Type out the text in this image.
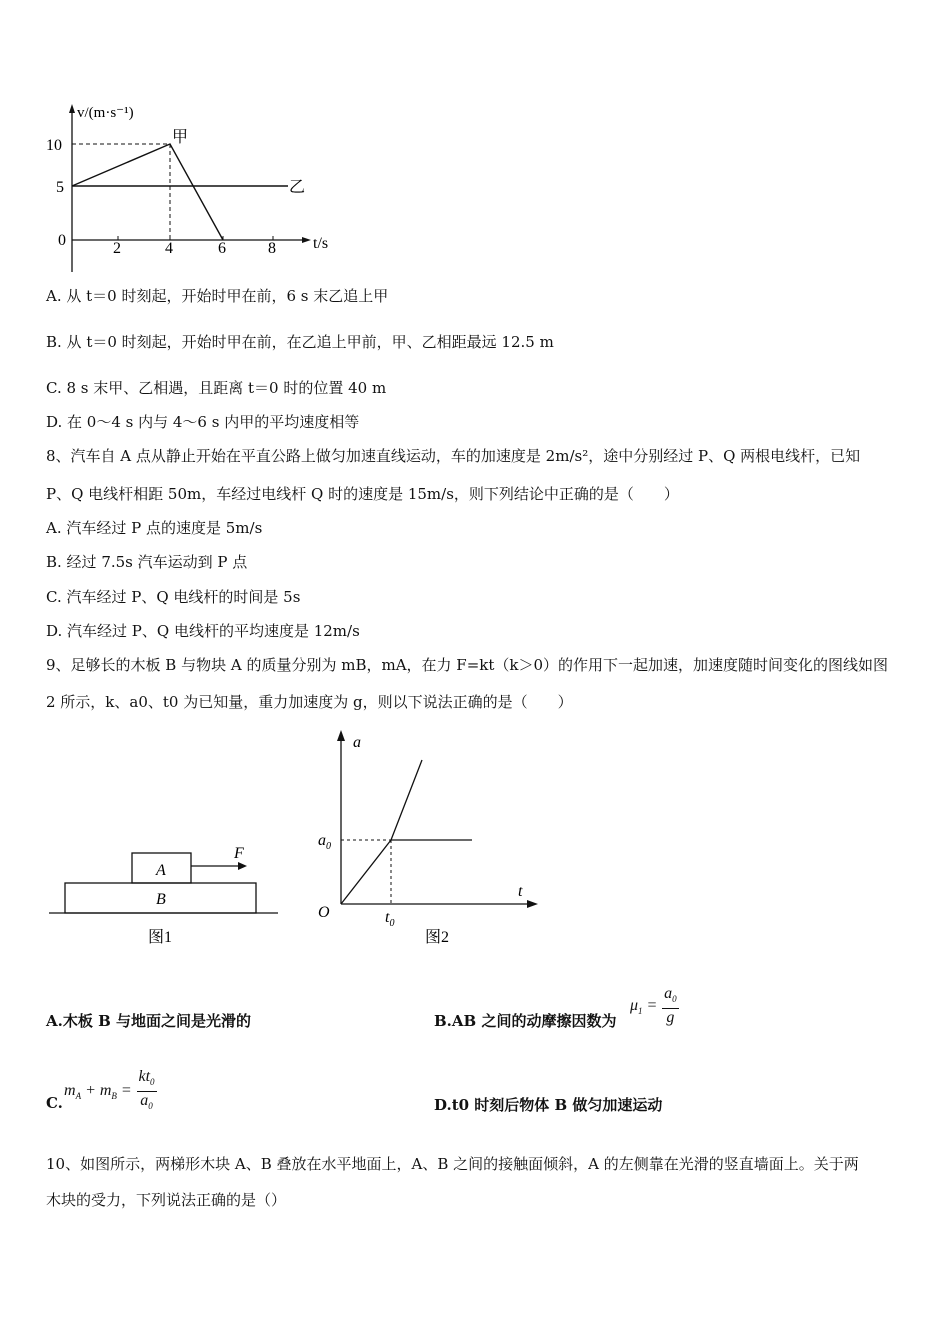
v/(m·s⁻¹)
10
5
0	2	4	6	8 t/s
甲
乙
A. 从 t＝0 时刻起，开始时甲在前，6 s 末乙追上甲
B. 从 t＝0 时刻起，开始时甲在前，在乙追上甲前，甲、乙相距最远 12.5 m
C. 8 s 末甲、乙相遇，且距离 t＝0 时的位置 40 m
D. 在 0～4 s 内与 4～6 s 内甲的平均速度相等
8、汽车自 A 点从静止开始在平直公路上做匀加速直线运动，车的加速度是 2m/s²，途中分别经过 P、Q 两根电线杆，已知
P、Q 电线杆相距 50m，车经过电线杆 Q 时的速度是 15m/s，则下列结论中正确的是（　　）
A. 汽车经过 P 点的速度是 5m/s
B. 经过 7.5s 汽车运动到 P 点
C. 汽车经过 P、Q 电线杆的时间是 5s
D. 汽车经过 P、Q 电线杆的平均速度是 12m/s
9、足够长的木板 B 与物块 A 的质量分别为 mB，mA，在力 F=kt（k＞0）的作用下一起加速，加速度随时间变化的图线如图
2 所示，k、a0、t0 为已知量，重力加速度为 g，则以下说法正确的是（　　）
A
B
F
图1
a
t
O
$a_0$
$t_0$
图2
A.木板 B 与地面之间是光滑的	B.AB 之间的动摩擦因数为
$\mu_1 = \frac{a_0}{g}$
C.
$m_A + m_B = \frac{kt_0}{a_0}$	D.t0 时刻后物体 B 做匀加速运动
10、如图所示，两梯形木块 A、B 叠放在水平地面上，A、B 之间的接触面倾斜，A 的左侧靠在光滑的竖直墙面上。关于两
木块的受力，下列说法正确的是（）
